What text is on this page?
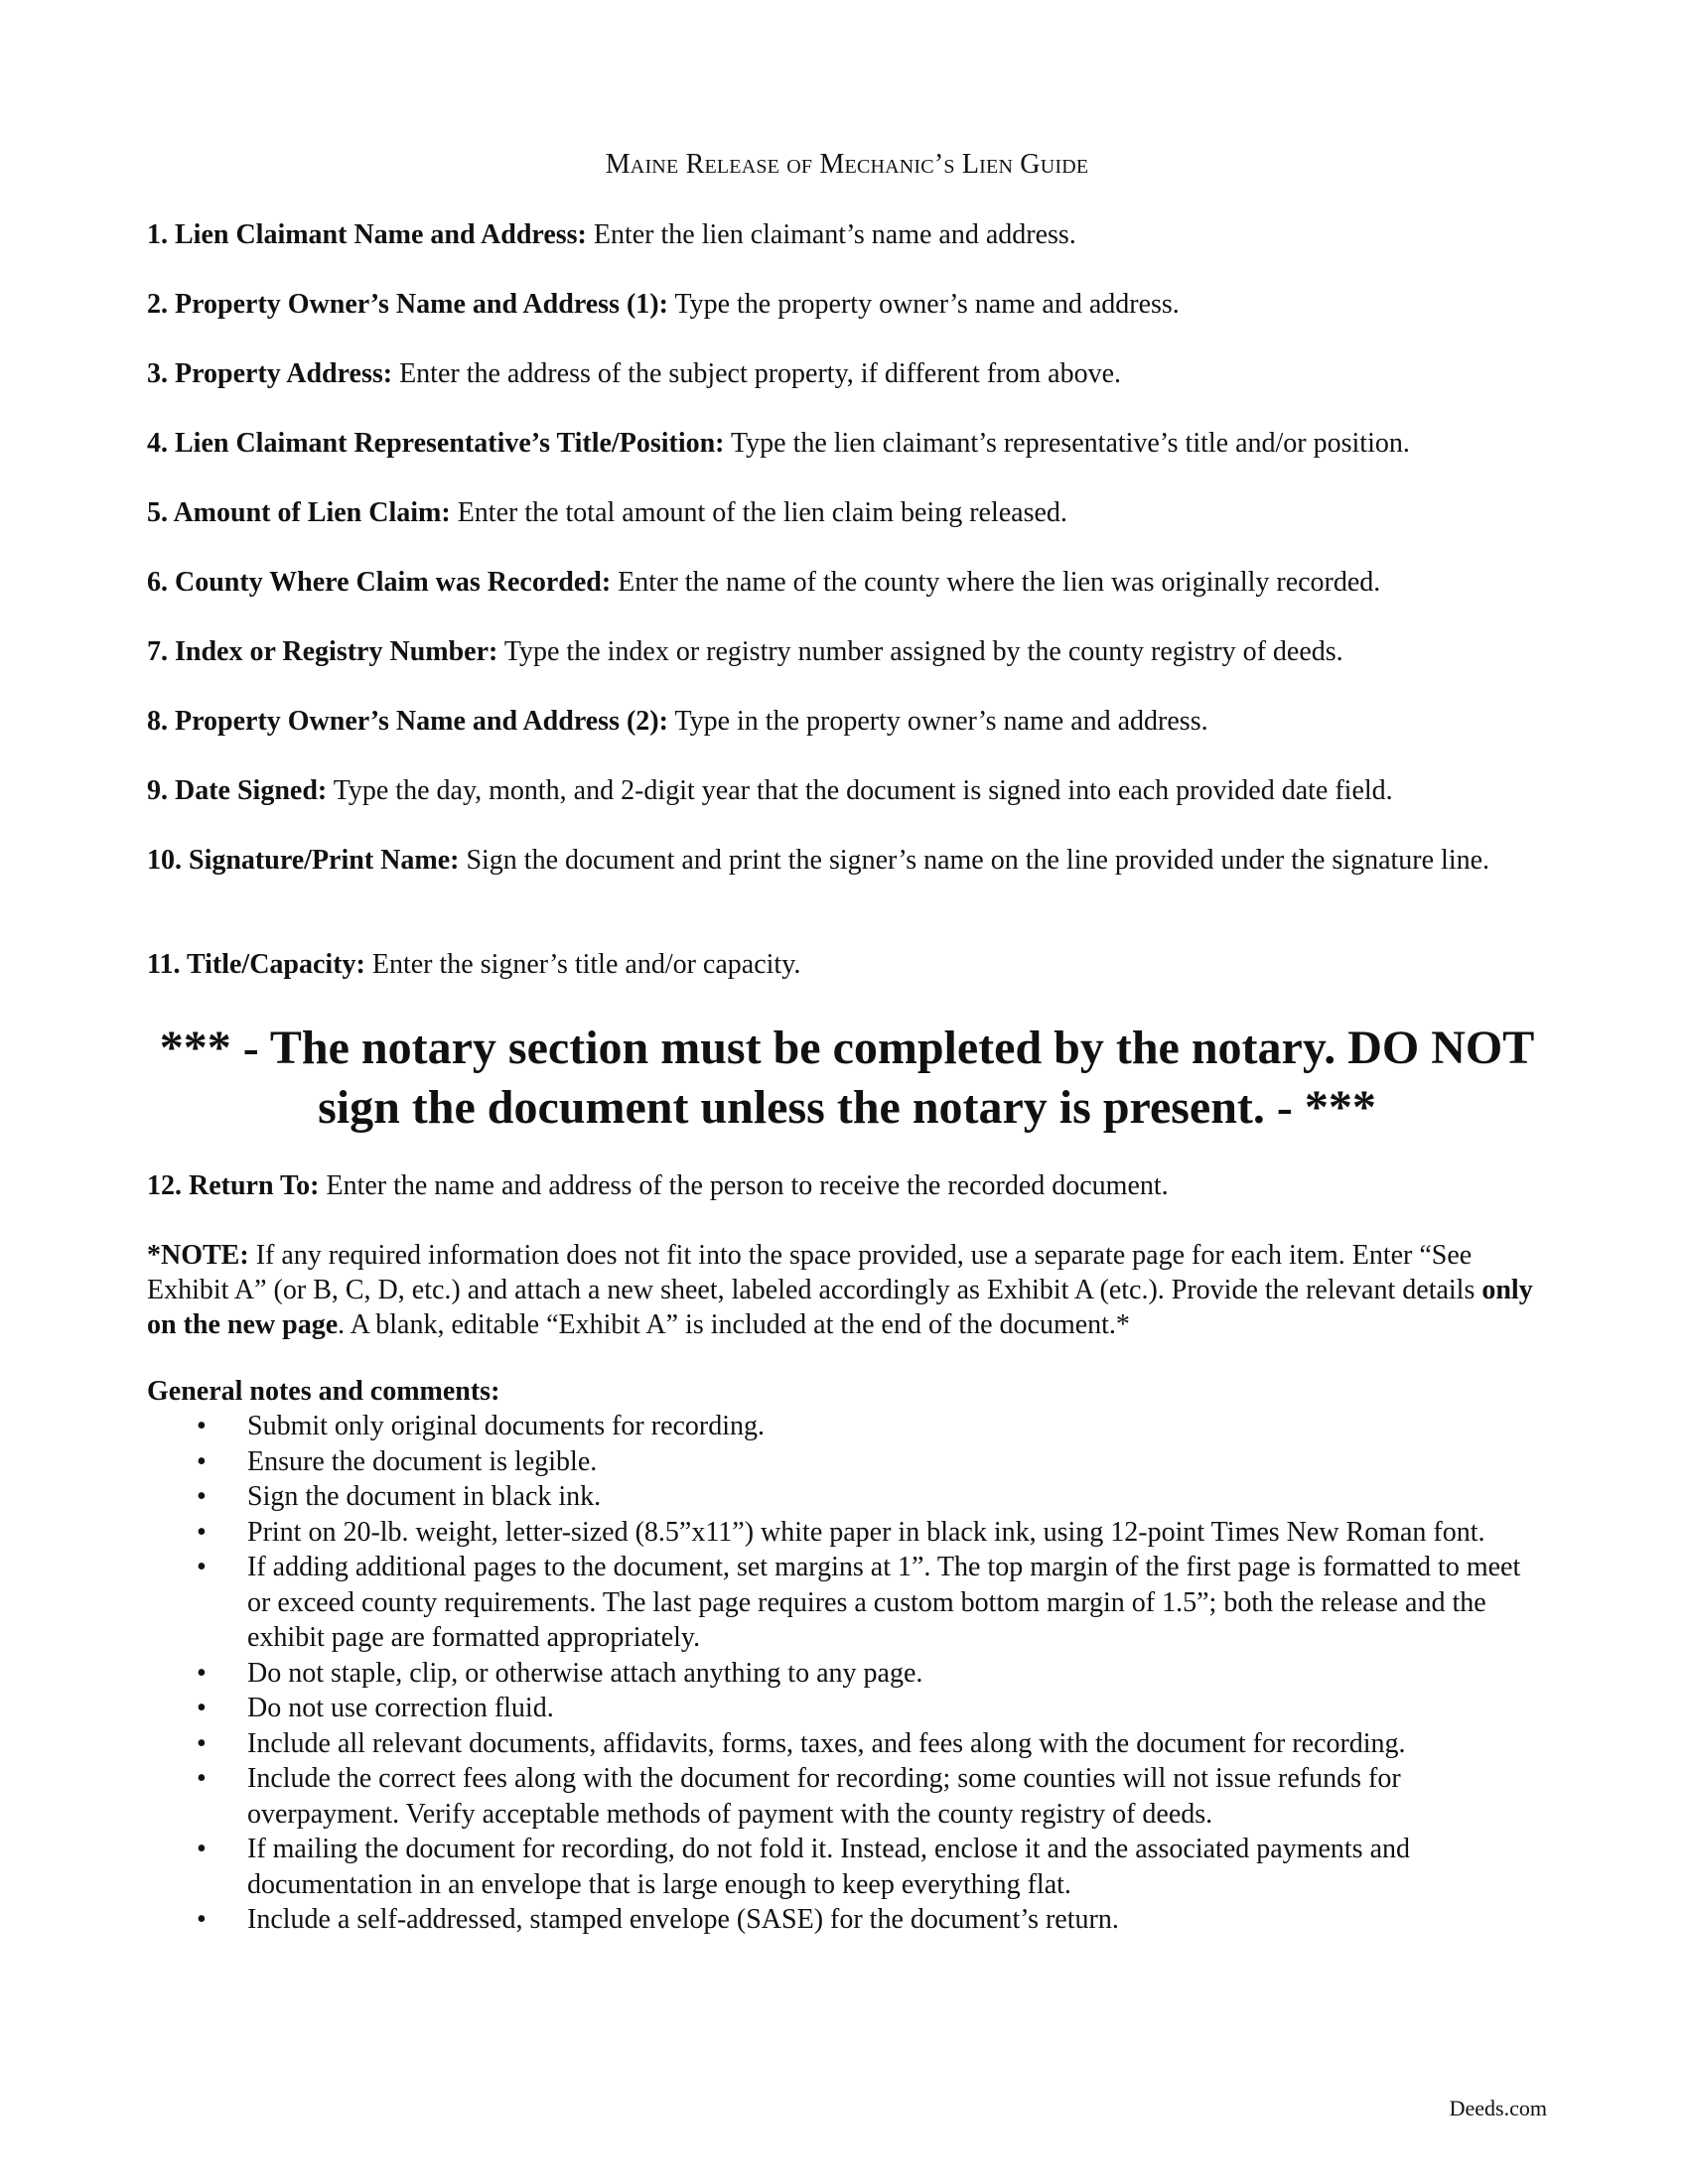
Maine Release of Mechanic’s Lien Guide

1. Lien Claimant Name and Address: Enter the lien claimant’s name and address.

2. Property Owner’s Name and Address (1): Type the property owner’s name and address.

3. Property Address: Enter the address of the subject property, if different from above.

4. Lien Claimant Representative’s Title/Position: Type the lien claimant’s representative’s title and/or position.

5. Amount of Lien Claim: Enter the total amount of the lien claim being released.

6. County Where Claim was Recorded: Enter the name of the county where the lien was originally recorded.

7. Index or Registry Number: Type the index or registry number assigned by the county registry of deeds.

8. Property Owner’s Name and Address (2): Type in the property owner’s name and address.

9. Date Signed: Type the day, month, and 2-digit year that the document is signed into each provided date field.

10. Signature/Print Name: Sign the document and print the signer’s name on the line provided under the signature line.

11. Title/Capacity: Enter the signer’s title and/or capacity.

*** - The notary section must be completed by the notary. DO NOT sign the document unless the notary is present. - ***

12. Return To: Enter the name and address of the person to receive the recorded document.

*NOTE: If any required information does not fit into the space provided, use a separate page for each item. Enter “See Exhibit A” (or B, C, D, etc.) and attach a new sheet, labeled accordingly as Exhibit A (etc.). Provide the relevant details only on the new page. A blank, editable “Exhibit A” is included at the end of the document.*

General notes and comments:

• Submit only original documents for recording.
• Ensure the document is legible.
• Sign the document in black ink.
• Print on 20-lb. weight, letter-sized (8.5”x11”) white paper in black ink, using 12-point Times New Roman font.
• If adding additional pages to the document, set margins at 1”. The top margin of the first page is formatted to meet or exceed county requirements. The last page requires a custom bottom margin of 1.5”; both the release and the exhibit page are formatted appropriately.
• Do not staple, clip, or otherwise attach anything to any page.
• Do not use correction fluid.
• Include all relevant documents, affidavits, forms, taxes, and fees along with the document for recording.
• Include the correct fees along with the document for recording; some counties will not issue refunds for overpayment. Verify acceptable methods of payment with the county registry of deeds.
• If mailing the document for recording, do not fold it. Instead, enclose it and the associated payments and documentation in an envelope that is large enough to keep everything flat.
• Include a self-addressed, stamped envelope (SASE) for the document’s return.

Deeds.com
